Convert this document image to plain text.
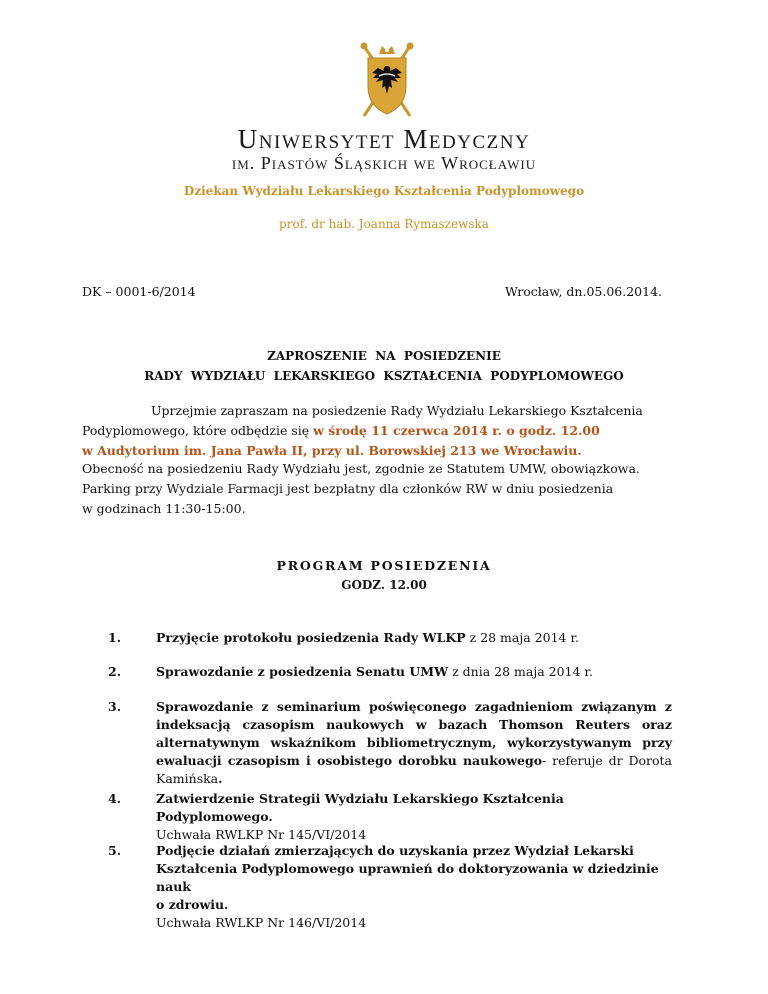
Uniwersytet Medyczny
im. Piastów Śląskich we Wrocławiu
Dziekan Wydziału Lekarskiego Kształcenia Podyplomowego
prof. dr hab. Joanna Rymaszewska
DK – 0001-6/2014	Wrocław, dn.05.06.2014.
ZAPROSZENIE  NA  POSIEDZENIE
RADY  WYDZIAŁU  LEKARSKIEGO  KSZTAŁCENIA  PODYPLOMOWEGO
Uprzejmie zapraszam na posiedzenie Rady Wydziału Lekarskiego Kształcenia
Podyplomowego, które odbędzie się w środę 11 czerwca 2014 r. o godz. 12.00
w Audytorium im. Jana Pawła II, przy ul. Borowskiej 213 we Wrocławiu.
Obecność na posiedzeniu Rady Wydziału jest, zgodnie ze Statutem UMW, obowiązkowa.
Parking przy Wydziale Farmacji jest bezpłatny dla członków RW w dniu posiedzenia
w godzinach 11:30-15:00.
PROGRAM POSIEDZENIA
GODZ. 12.00
1.	Przyjęcie protokołu posiedzenia Rady WLKP z 28 maja 2014 r.
2.	Sprawozdanie z posiedzenia Senatu UMW z dnia 28 maja 2014 r.
3.	Sprawozdanie z seminarium poświęconego zagadnieniom związanym z indeksacją czasopism naukowych w bazach Thomson Reuters oraz alternatywnym wskaźnikom bibliometrycznym, wykorzystywanym przy ewaluacji czasopism i osobistego dorobku naukowego- referuje dr Dorota Kamińska.
4.	Zatwierdzenie Strategii Wydziału Lekarskiego Kształcenia Podyplomowego.
Uchwała RWLKP Nr 145/VI/2014
5.	Podjęcie działań zmierzających do uzyskania przez Wydział Lekarski
Kształcenia Podyplomowego uprawnień do doktoryzowania w dziedzinie nauk
o zdrowiu.
Uchwała RWLKP Nr 146/VI/2014
